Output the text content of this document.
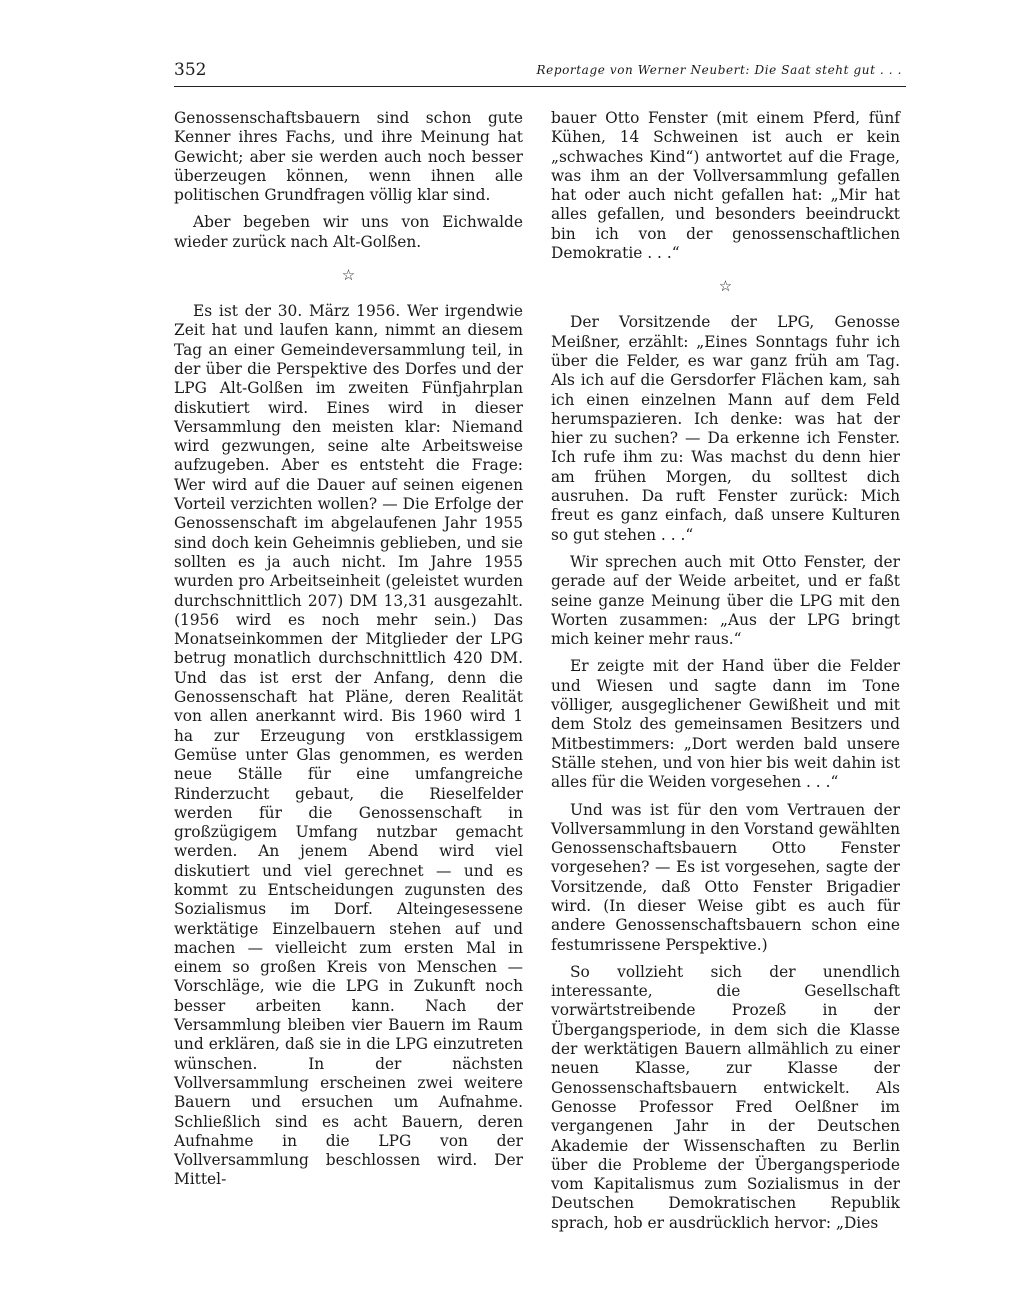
352	Reportage von Werner Neubert: Die Saat steht gut . . .

Genossenschaftsbauern sind schon gute Kenner ihres Fachs, und ihre Meinung hat Gewicht; aber sie werden auch noch besser überzeugen können, wenn ihnen alle politischen Grundfragen völlig klar sind.

Aber begeben wir uns von Eichwalde wieder zurück nach Alt-Golßen.

☆

Es ist der 30. März 1956. Wer irgendwie Zeit hat und laufen kann, nimmt an diesem Tag an einer Gemeindeversammlung teil, in der über die Perspektive des Dorfes und der LPG Alt-Golßen im zweiten Fünfjahrplan diskutiert wird. Eines wird in dieser Versammlung den meisten klar: Niemand wird gezwungen, seine alte Arbeitsweise aufzugeben. Aber es entsteht die Frage: Wer wird auf die Dauer auf seinen eigenen Vorteil verzichten wollen? — Die Erfolge der Genossenschaft im abgelaufenen Jahr 1955 sind doch kein Geheimnis geblieben, und sie sollten es ja auch nicht. Im Jahre 1955 wurden pro Arbeitseinheit (geleistet wurden durchschnittlich 207) DM 13,31 ausgezahlt. (1956 wird es noch mehr sein.) Das Monatseinkommen der Mitglieder der LPG betrug monatlich durchschnittlich 420 DM. Und das ist erst der Anfang, denn die Genossenschaft hat Pläne, deren Realität von allen anerkannt wird. Bis 1960 wird 1 ha zur Erzeugung von erstklassigem Gemüse unter Glas genommen, es werden neue Ställe für eine umfangreiche Rinderzucht gebaut, die Rieselfelder werden für die Genossenschaft in großzügigem Umfang nutzbar gemacht werden. An jenem Abend wird viel diskutiert und viel gerechnet — und es kommt zu Entscheidungen zugunsten des Sozialismus im Dorf. Alteingesessene werktätige Einzelbauern stehen auf und machen — vielleicht zum ersten Mal in einem so großen Kreis von Menschen — Vorschläge, wie die LPG in Zukunft noch besser arbeiten kann. Nach der Versammlung bleiben vier Bauern im Raum und erklären, daß sie in die LPG einzutreten wünschen. In der nächsten Vollversammlung erscheinen zwei weitere Bauern und ersuchen um Aufnahme. Schließlich sind es acht Bauern, deren Aufnahme in die LPG von der Vollversammlung beschlossen wird. Der Mittel-

bauer Otto Fenster (mit einem Pferd, fünf Kühen, 14 Schweinen ist auch er kein „schwaches Kind“) antwortet auf die Frage, was ihm an der Vollversammlung gefallen hat oder auch nicht gefallen hat: „Mir hat alles gefallen, und besonders beeindruckt bin ich von der genossenschaftlichen Demokratie . . .“

☆

Der Vorsitzende der LPG, Genosse Meißner, erzählt: „Eines Sonntags fuhr ich über die Felder, es war ganz früh am Tag. Als ich auf die Gersdorfer Flächen kam, sah ich einen einzelnen Mann auf dem Feld herumspazieren. Ich denke: was hat der hier zu suchen? — Da erkenne ich Fenster. Ich rufe ihm zu: Was machst du denn hier am frühen Morgen, du solltest dich ausruhen. Da ruft Fenster zurück: Mich freut es ganz einfach, daß unsere Kulturen so gut stehen . . .“

Wir sprechen auch mit Otto Fenster, der gerade auf der Weide arbeitet, und er faßt seine ganze Meinung über die LPG mit den Worten zusammen: „Aus der LPG bringt mich keiner mehr raus.“

Er zeigte mit der Hand über die Felder und Wiesen und sagte dann im Tone völliger, ausgeglichener Gewißheit und mit dem Stolz des gemeinsamen Besitzers und Mitbestimmers: „Dort werden bald unsere Ställe stehen, und von hier bis weit dahin ist alles für die Weiden vorgesehen . . .“

Und was ist für den vom Vertrauen der Vollversammlung in den Vorstand gewählten Genossenschaftsbauern Otto Fenster vorgesehen? — Es ist vorgesehen, sagte der Vorsitzende, daß Otto Fenster Brigadier wird. (In dieser Weise gibt es auch für andere Genossenschaftsbauern schon eine festumrissene Perspektive.)

So vollzieht sich der unendlich interessante, die Gesellschaft vorwärtstreibende Prozeß in der Übergangsperiode, in dem sich die Klasse der werktätigen Bauern allmählich zu einer neuen Klasse, zur Klasse der Genossenschaftsbauern entwickelt. Als Genosse Professor Fred Oelßner im vergangenen Jahr in der Deutschen Akademie der Wissenschaften zu Berlin über die Probleme der Übergangsperiode vom Kapitalismus zum Sozialismus in der Deutschen Demokratischen Republik sprach, hob er ausdrücklich hervor: „Dies
